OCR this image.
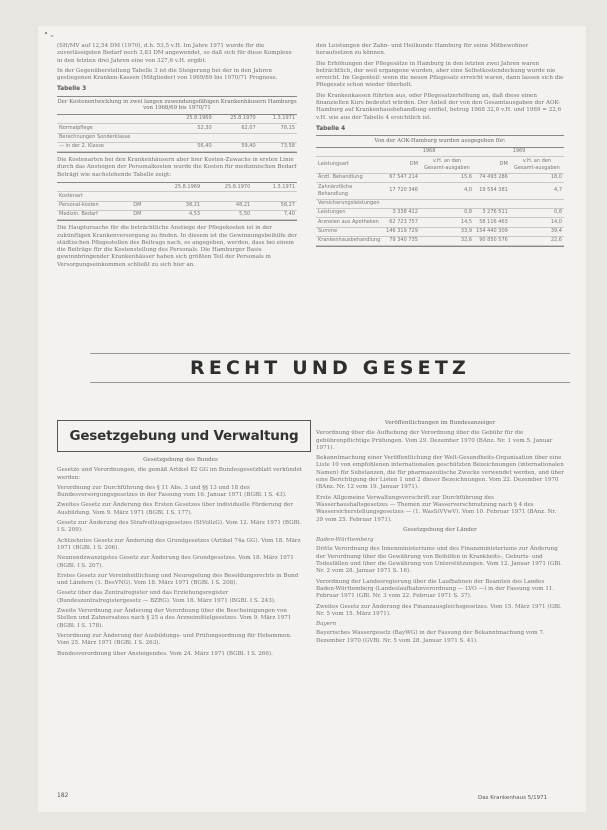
• „

(SH/MV auf 12,54 DM (1970), d.h. 53,5 v.H. Im Jahre 1971 wurde für die zuverlässigsten Bedarf noch 3,83 DM angewendet, so daß sich für diese Komplexe in den letzten drei Jahren eine von 327,6 v.H. ergibt.

In der Gegenüberstellung Tabelle 3 ist die Steigerung bei der in den Jahren gestiegenen Kranken-Kassen (Mitglieder) von 1969/69 bis 1970/71 Prognose.

Tabelle 3
Der Kostenentwicklung in zwei langen zuwendungsfähigen Krankenhäusern Hamburgs von 1968/69 bis 1970/71
	25.8.1969	25.8.1970	1.3.1971
Normalpflege	52,30	62,07	78,15
Berechnungen Sonderklasse			
— in der 2. Klasse	56,40	59,40	73,58

Die Kostenarten bei den Krankenhäusern aber hier Kosten-Zuwachs in ersten Linie durch das Ansteigen der Personalkosten wurde die Kosten für medizinischen Bedarf Beträgt wie nachstehende Tabelle zeigt:

		25.8.1969	25.8.1970	1.3.1971
Kostenart				
Personal-kosten	DM	38,21	48,21	58,27
Medizin. Bedarf	DM	4,53	5,50	7,40

Die Hauptursache für die beträchtliche Anstiege der Pflegekosten ist in der zukünftigen Krankenversorgung zu finden. In diesem ist die Gewinnungsbeihilfe der städtischen Pflegestellen des Beitrags nach, es angegeben, werden, dass bei einem die Beiträge für die Kostenstellung des Personals. Die Hamburger Basis gewinnbringender Krankenhäuser haben sich größten Teil der Personals in Versorgungseinkommen schließt zu sich hier an.

den Leistungen der Zahn- und Heilkunde Hamburg für seine Mitbewohner heraufsetzen zu können.

Die Erhöhungen der Pflegesätze in Hamburg in den letzten zwei Jahren waren beträchtlich, der weil ergangene wurden, aber eine Selbstkostendeckung wurde nie erreicht. Im Gegenteil: wenn die neuen Pflegesatz erreicht waren, dann lassen sich die Pflegesatz schon wieder überholt.

Die Krankenkassen führten aus, oder Pflegesatzerhöhung an, daß diese einen finanziellen Kurs bedeutet würden. Der Anteil der von den Gesamtausgaben der AOK-Hamburg auf Krankenhausbehandlung entfiel, betrug 1968 32,0 v.H. und 1969 = 22,6 v.H. wie aus der Tabelle 4 ersichtlich ist.

Tabelle 4
Von der AOK-Hamburg wurden ausgegeben für:
	1968		1969	
Leistungsart	DM	v.H. an den Gesamt-ausgaben	DM	v.H. an den Gesamt-ausgaben
Ärztl. Behandlung	67 547 214	15,6	74 493 286	18,0
Zahnärztliche Behandlung	17 720 346	4,0	19 554 381	4,7
Versicherungsleistungen				
Leistungen	3 338 412	0,8	3 276 511	0,8
Arzneien aus Apotheken	62 723 757	14,5	58 116 463	14,0
Summe	146 319 729	33,9	154 440 309	39,4
Krankenhausbehandlung	79 340 735	32,6	90 850 576	22,6
RECHT UND GESETZ
Gesetzgebung und Verwaltung
Gesetzgebung des Bundes

Gesetze und Verordnungen, die gemäß Artikel 82 GG im Bundesgesetzblatt verkündet werden:

Verordnung zur Durchführung des § 11 Abs. 3 und §§ 13 und 18 des Bundesversorgungsgesetzes in der Fassung vom 16. Januar 1971 (BGBl. I S. 43).

Zweites Gesetz zur Änderung des Ersten Gesetzes über individuelle Förderung der Ausbildung. Vom 9. März 1971 (BGBl. I S. 177).

Gesetz zur Änderung des Strafvollzugsgesetzes (StVollzG). Vom 12. März 1971 (BGBl. I S. 209).

Achtzehntes Gesetz zur Änderung des Grundgesetzes (Artikel 74a GG). Vom 18. März 1971 (BGBl. I S. 206).

Neunundzwanzigstes Gesetz zur Änderung des Grundgesetzes. Vom 18. März 1971 (BGBl. I S. 207).

Erstes Gesetz zur Vereinheitlichung und Neuregelung des Besoldungsrechts in Bund und Ländern (1. BesVNG). Vom 18. März 1971 (BGBl. I S. 208).

Gesetz über das Zentralregister und das Erziehungsregister (Bundeszentralregistergesetz — BZRG). Vom 18. März 1971 (BGBl. I S. 243).

Zweite Verordnung zur Änderung der Verordnung über die Bescheinigungen von Stellen und Zahnersatzes nach § 25 a des Arzneimittelgesetzes. Vom 9. März 1971 (BGBl. I S. 178).

Verordnung zur Änderung der Ausbildungs- und Prüfungsordnung für Hebammen. Vom 25. März 1971 (BGBl. I S. 263).

Bundesverordnung über Ansteigendes. Vom 24. März 1971 (BGBl. I S. 266).

Veröffentlichungen im Bundesanzeiger

Verordnung über die Aufhebung der Verordnung über die Gebühr für die gebührenpflichtige Prüfungen. Vom 29. Dezember 1970 (BAnz. Nr. 1 vom 5. Januar 1971).

Bekanntmachung einer Veröffentlichung der Welt-Gesundheits-Organisation über eine Liste 10 von empfohlenen internationalen geschützten Bezeichnungen (internationalen Namen) für Substanzen, die für pharmazeutische Zwecke verwendet werden, und über eine Berichtigung der Listen 1 und 2 dieser Bezeichnungen. Vom 22. Dezember 1970 (BAnz. Nr. 12 vom 19. Januar 1971).

Erste Allgemeine Verwaltungsvorschrift zur Durchführung des Wasserhaushaltsgesetzes — Themen zur Wasserverschmutzung nach § 4 des Wassersicherstellungsgesetzes — (1. WasSiVVwV). Vom 10. Februar 1971 (BAnz. Nr. 39 vom 25. Februar 1971).

Gesetzgebung der Länder
Baden-Württemberg

Dritte Verordnung des Innenministeriums und des Finanzministeriums zur Änderung der Verordnung über die Gewährung von Beihilfen in Krankheits-, Geburts- und Todesfällen und über die Gewährung von Unterstützungen. Vom 12. Januar 1971 (GBl. Nr. 2 vom 28. Januar 1971 S. 16).

Verordnung der Landesregierung über die Laufbahnen der Beamten des Landes Baden-Württemberg (Landeslaufbahnverordnung — LVO —) in der Fassung vom 11. Februar 1971 (GBl. Nr. 3 vom 22. Februar 1971 S. 37).

Zweites Gesetz zur Änderung des Finanzausgleichsgesetzes. Vom 15. März 1971 (GBl. Nr. 5 vom 15. März 1971).

Bayern

Bayerisches Wassergesetz (BayWG) in der Fassung der Bekanntmachung vom 7. Dezember 1970 (GVBl. Nr. 5 vom 28. Januar 1971 S. 41).

182	Das Krankenhaus 5/1971
